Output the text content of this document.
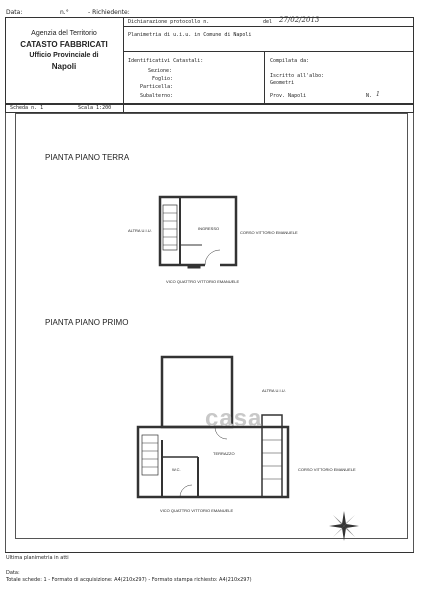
Data:	n.°	- Richiedente:
Agenzia del Territorio
CATASTO FABBRICATI
Ufficio Provinciale di
Napoli
Dichiarazione protocollo n.	del 27/02/2013
Planimetria di u.i.u. in Comune di Napoli
Identificativi Catastali:
Sezione:
Foglio:
Particella:
Subalterno:
Compilata da:
Iscritto all'albo:
Geometri
Prov. Napoli	N. 1
Scheda n. 1	Scala 1:200
PIANTA PIANO TERRA
PIANTA PIANO PRIMO
ALTRA U.I.U.	INGRESSO
CORSO VITTORIO EMANUELE
VICO QUATTRO VITTORIO EMANUELE
ALTRA U.I.U.
TERRAZZO
W.C.	CORSO VITTORIO EMANUELE
VICO QUATTRO VITTORIO EMANUELE
casa
Ultima planimetria in atti
Data:
Totale schede: 1 - Formato di acquisizione: A4(210x297) - Formato stampa richiesto: A4(210x297)
